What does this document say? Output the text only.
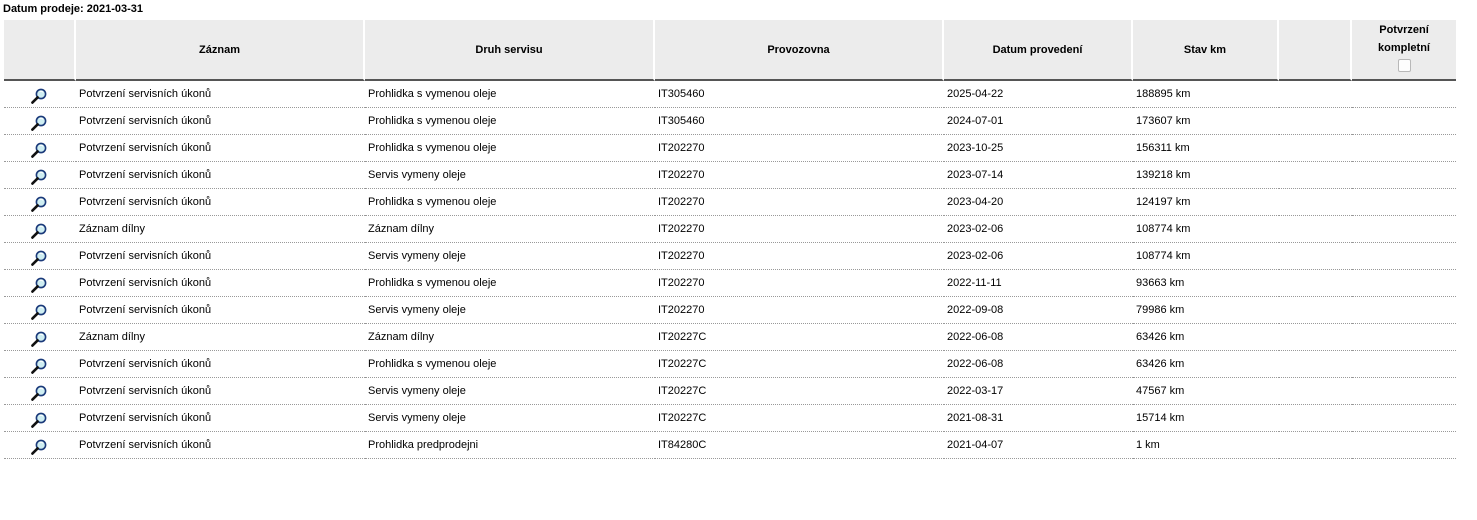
Datum prodeje: 2021-03-31
	Záznam	Druh servisu	Provozovna	Datum provedení	Stav km		Potvrzení
kompletní

	Potvrzení servisních úkonů	Prohlidka s vymenou oleje	IT305460	2025-04-22	188895 km		
	Potvrzení servisních úkonů	Prohlidka s vymenou oleje	IT305460	2024-07-01	173607 km		
	Potvrzení servisních úkonů	Prohlidka s vymenou oleje	IT202270	2023-10-25	156311 km		
	Potvrzení servisních úkonů	Servis vymeny oleje	IT202270	2023-07-14	139218 km		
	Potvrzení servisních úkonů	Prohlidka s vymenou oleje	IT202270	2023-04-20	124197 km		
	Záznam dílny	Záznam dílny	IT202270	2023-02-06	108774 km		
	Potvrzení servisních úkonů	Servis vymeny oleje	IT202270	2023-02-06	108774 km		
	Potvrzení servisních úkonů	Prohlidka s vymenou oleje	IT202270	2022-11-11	93663 km		
	Potvrzení servisních úkonů	Servis vymeny oleje	IT202270	2022-09-08	79986 km		
	Záznam dílny	Záznam dílny	IT20227C	2022-06-08	63426 km		
	Potvrzení servisních úkonů	Prohlidka s vymenou oleje	IT20227C	2022-06-08	63426 km		
	Potvrzení servisních úkonů	Servis vymeny oleje	IT20227C	2022-03-17	47567 km		
	Potvrzení servisních úkonů	Servis vymeny oleje	IT20227C	2021-08-31	15714 km		
	Potvrzení servisních úkonů	Prohlidka predprodejni	IT84280C	2021-04-07	1 km		
